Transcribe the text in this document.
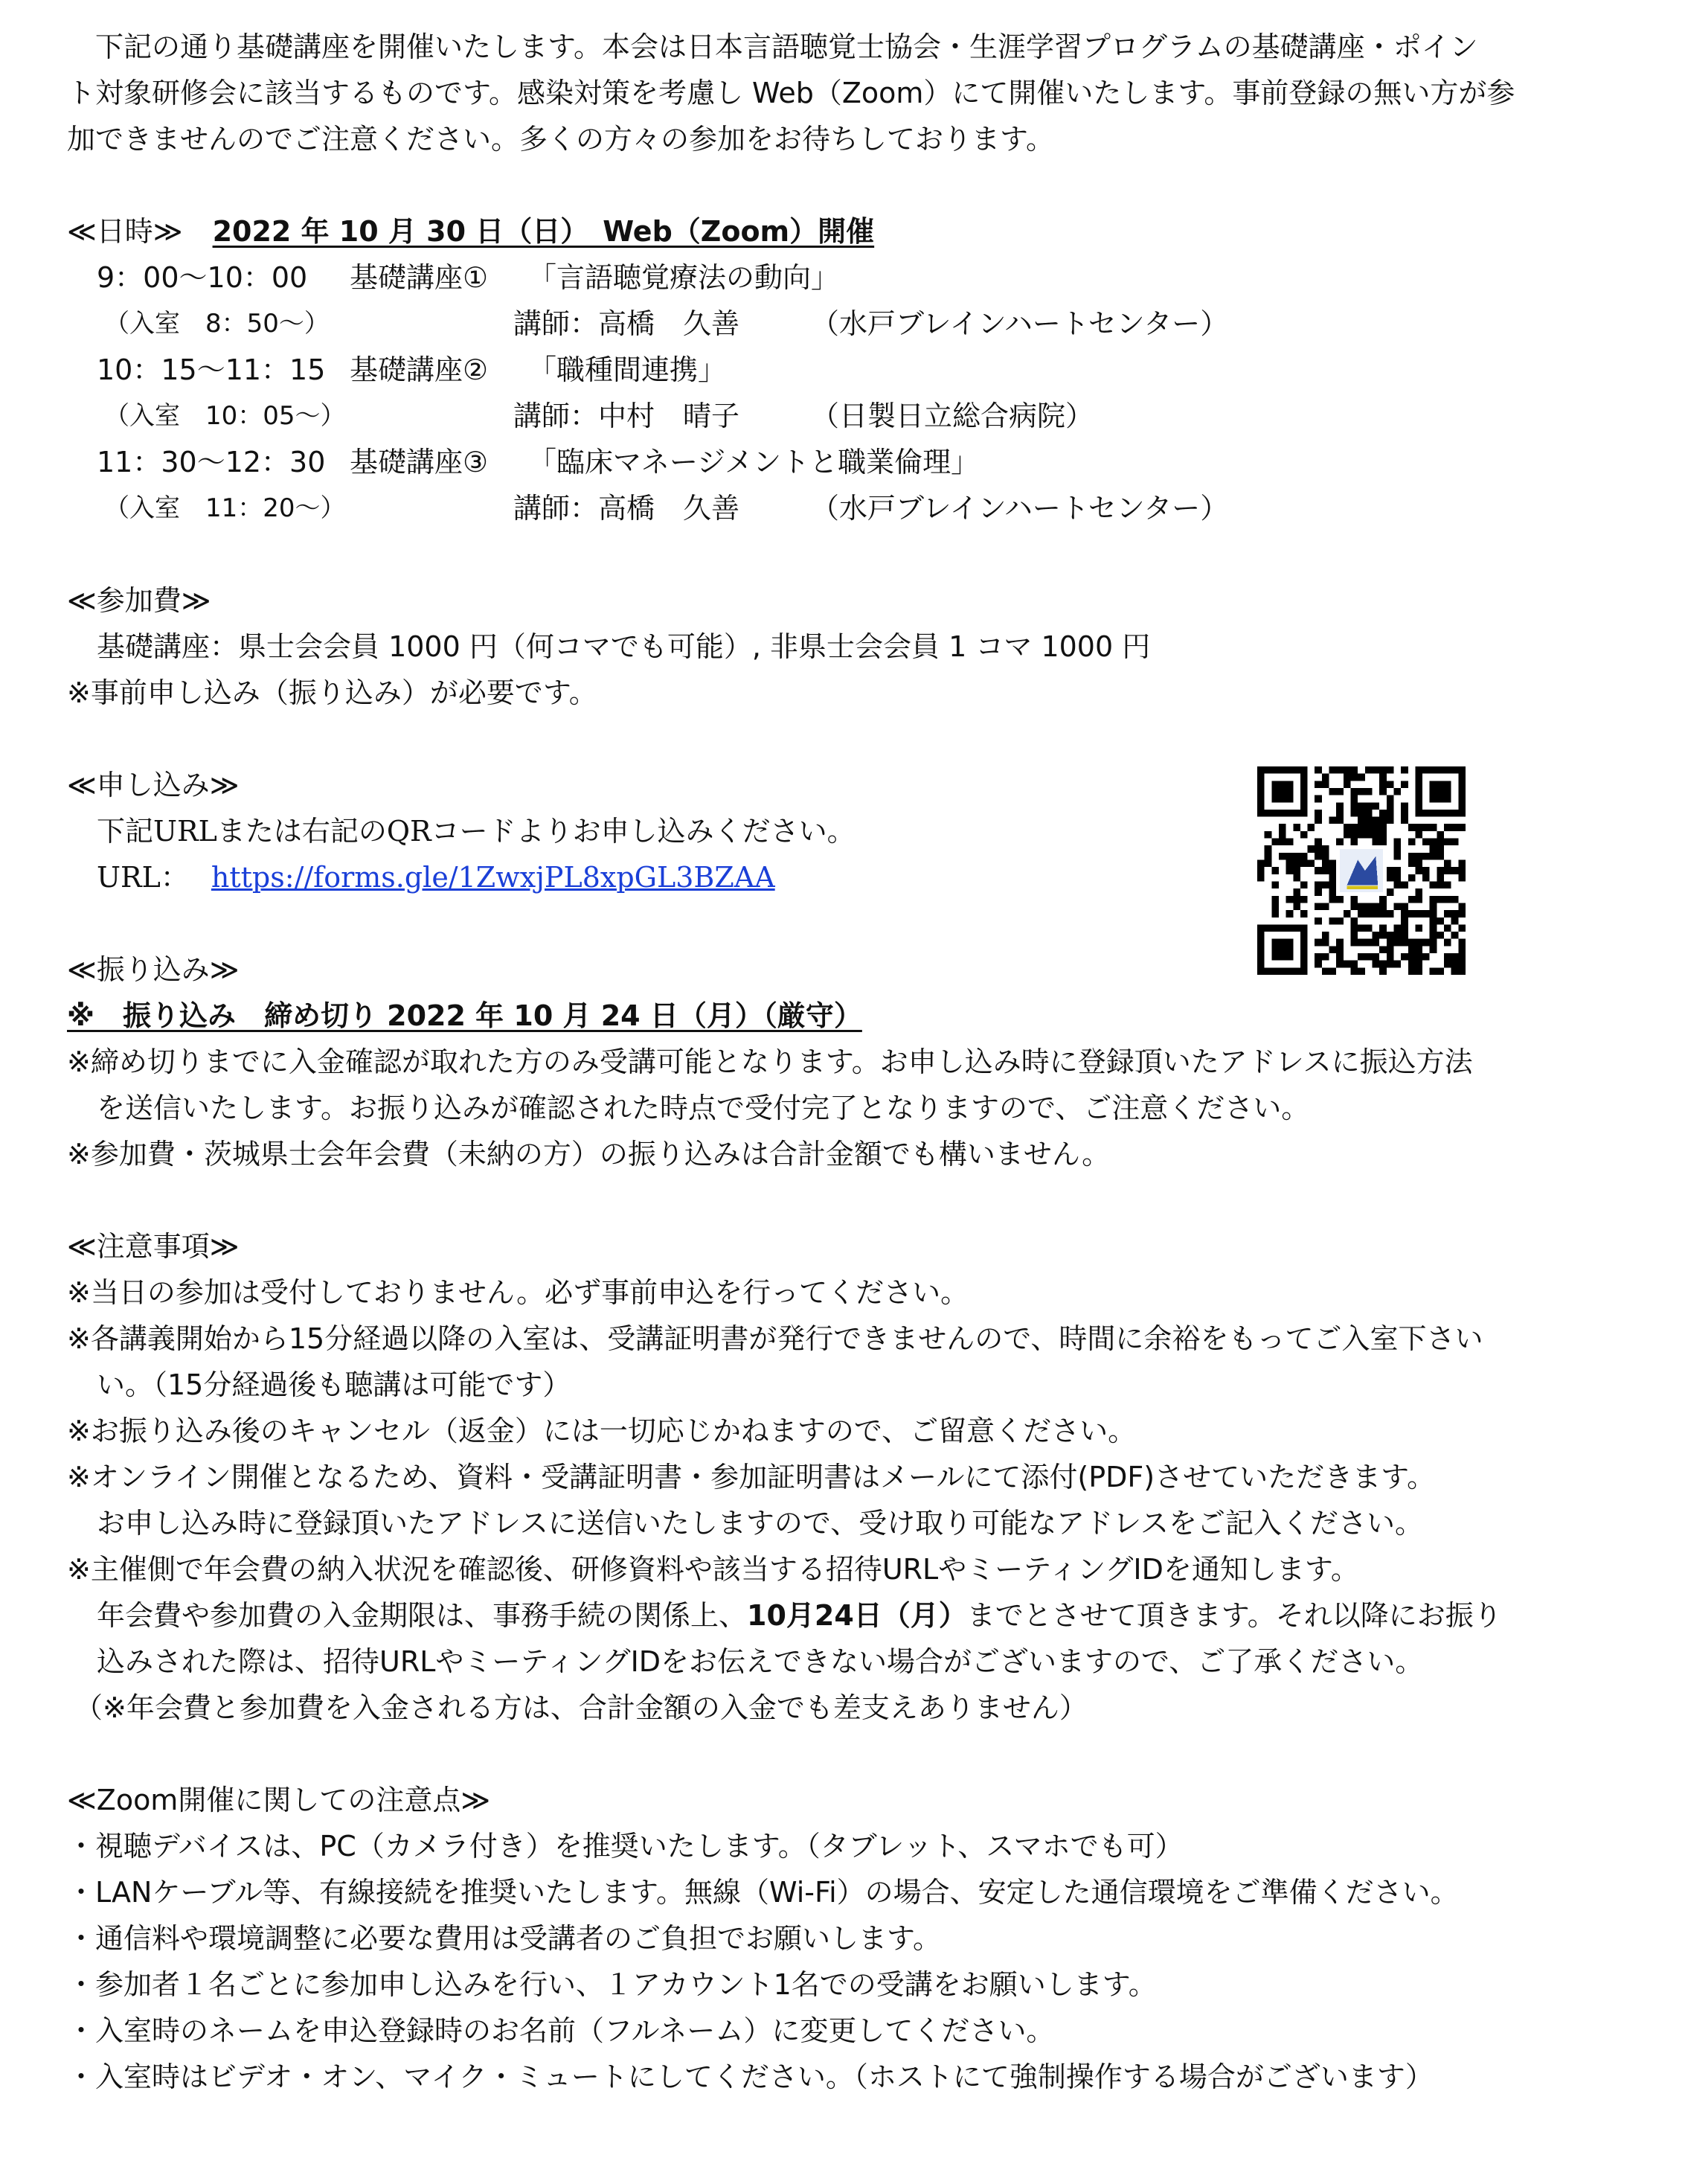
　下記の通り基礎講座を開催いたします。本会は日本言語聴覚士協会・生涯学習プログラムの基礎講座・ポイン
ト対象研修会に該当するものです。感染対策を考慮し Web（Zoom）にて開催いたします。事前登録の無い方が参
加できませんのでご注意ください。多くの方々の参加をお待ちしております。
≪日時≫ 2022 年 10 月 30 日（日）　Web（Zoom）開催
9：00〜10：00 基礎講座① 「言語聴覚療法の動向」
（入室　8：50〜）	講師：高橋　久善	（水戸ブレインハートセンター）
10：15〜11：15 基礎講座② 「職種間連携」
（入室　10：05〜）	講師：中村　晴子	（日製日立総合病院）
11：30〜12：30 基礎講座③ 「臨床マネージメントと職業倫理」
（入室　11：20〜）	講師：高橋　久善	（水戸ブレインハートセンター）
≪参加費≫
基礎講座：県士会会員 1000 円（何コマでも可能）, 非県士会会員 1 コマ 1000 円
※事前申し込み（振り込み）が必要です。
≪申し込み≫
下記URLまたは右記のQRコードよりお申し込みください。
URL： https://forms.gle/1ZwxjPL8xpGL3BZAA
≪振り込み≫
※　振り込み　締め切り 2022 年 10 月 24 日（月）（厳守）
※締め切りまでに入金確認が取れた方のみ受講可能となります。お申し込み時に登録頂いたアドレスに振込方法
を送信いたします。お振り込みが確認された時点で受付完了となりますので、ご注意ください。
※参加費・茨城県士会年会費（未納の方）の振り込みは合計金額でも構いません。
≪注意事項≫
※当日の参加は受付しておりません。必ず事前申込を行ってください。
※各講義開始から15分経過以降の入室は、受講証明書が発行できませんので、時間に余裕をもってご入室下さい
い。（15分経過後も聴講は可能です）
※お振り込み後のキャンセル（返金）には一切応じかねますので、ご留意ください。
※オンライン開催となるため、資料・受講証明書・参加証明書はメールにて添付(PDF)させていただきます。
お申し込み時に登録頂いたアドレスに送信いたしますので、受け取り可能なアドレスをご記入ください。
※主催側で年会費の納入状況を確認後、研修資料や該当する招待URLやミーティングIDを通知します。
年会費や参加費の入金期限は、事務手続の関係上、10月24日（月）までとさせて頂きます。それ以降にお振り
込みされた際は、招待URLやミーティングIDをお伝えできない場合がございますので、ご了承ください。
（※年会費と参加費を入金される方は、合計金額の入金でも差支えありません）
≪Zoom開催に関しての注意点≫
・視聴デバイスは、PC（カメラ付き）を推奨いたします。（タブレット、スマホでも可）
・LANケーブル等、有線接続を推奨いたします。無線（Wi-Fi）の場合、安定した通信環境をご準備ください。
・通信料や環境調整に必要な費用は受講者のご負担でお願いします。
・参加者１名ごとに参加申し込みを行い、１アカウント1名での受講をお願いします。
・入室時のネームを申込登録時のお名前（フルネーム）に変更してください。
・入室時はビデオ・オン、マイク・ミュートにしてください。（ホストにて強制操作する場合がございます）
